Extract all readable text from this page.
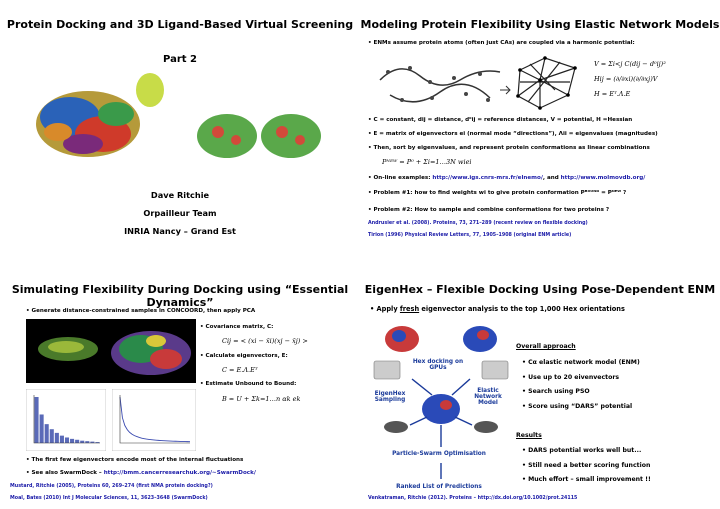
Protein Docking and 3D Ligand-Based Virtual Screening
Part 2
Dave Ritchie
Orpailleur Team
INRIA Nancy – Grand Est
Modeling Protein Flexibility Using Elastic Network Models
• ENMs assume protein atoms (often just CAs) are coupled via a harmonic potential:
V = Σi<j C(dij − d⁰ij)²
Hij = (∂/∂xi)(∂/∂xj)V
H = Eᵀ.Λ.E
• C = constant, dij = distance, d⁰ij = reference distances, V = potential, H =Hessian
• E = matrix of eigenvectors ei (normal mode “directions”), Λii = eigenvalues (magnitudes)
• Then, sort by eigenvalues, and represent protein conformations as linear combinations
Pᴺᴱᵂ = P⁰ + Σi=1…3N wiei
• On-line examples: http://www.igs.cnrs-mrs.fr/elnemo/, and http://www.molmovdb.org/
• Problem #1: how to find weights wi to give protein conformation Pᴮᴼᵁᴺᴰ = Pᴺᴱᵂ ?
• Problem #2: How to sample and combine conformations for two proteins ?
Andrusier et al. (2008). Proteins, 73, 271–289 (recent review on flexible docking)
Tirion (1996) Physical Review Letters, 77, 1905–1908 (original ENM article)
Simulating Flexibility During Docking using “Essential Dynamics”
• Generate distance-constrained samples in CONCOORD, then apply PCA
• Covariance matrix, C:
Cij = < (xi − x̄i)(xj − x̄j) >
• Calculate eigenvectors, E:
C = E.Λ.Eᵀ
• Estimate Unbound to Bound:
B ≃ U + Σk=1…n αk ek
• The first few eigenvectors encode most of the internal fluctuations
• See also SwarmDock – http://bmm.cancerresearchuk.org/∼SwarmDock/
Mustard, Ritchie (2005), Proteins 60, 269–274 (first NMA protein docking?)
Moal, Bates (2010) Int J Molecular Sciences, 11, 3623–3648 (SwarmDock)
EigenHex – Flexible Docking Using Pose-Dependent ENM
• Apply fresh eigenvector analysis to the top 1,000 Hex orientations
Hex docking on GPUs
EigenHex Sampling
Elastic Network Model
Particle-Swarm Optimisation
Ranked List of Predictions
Overall approach
• Cα elastic network model (ENM)
• Use up to 20 eivenvectors
• Search using PSO
• Score using “DARS” potential
Results
• DARS potential works well but...
• Still need a better scoring function
• Much effort – small improvement !!
Venkatraman, Ritchie (2012). Proteins – http://dx.doi.org/10.1002/prot.24115
